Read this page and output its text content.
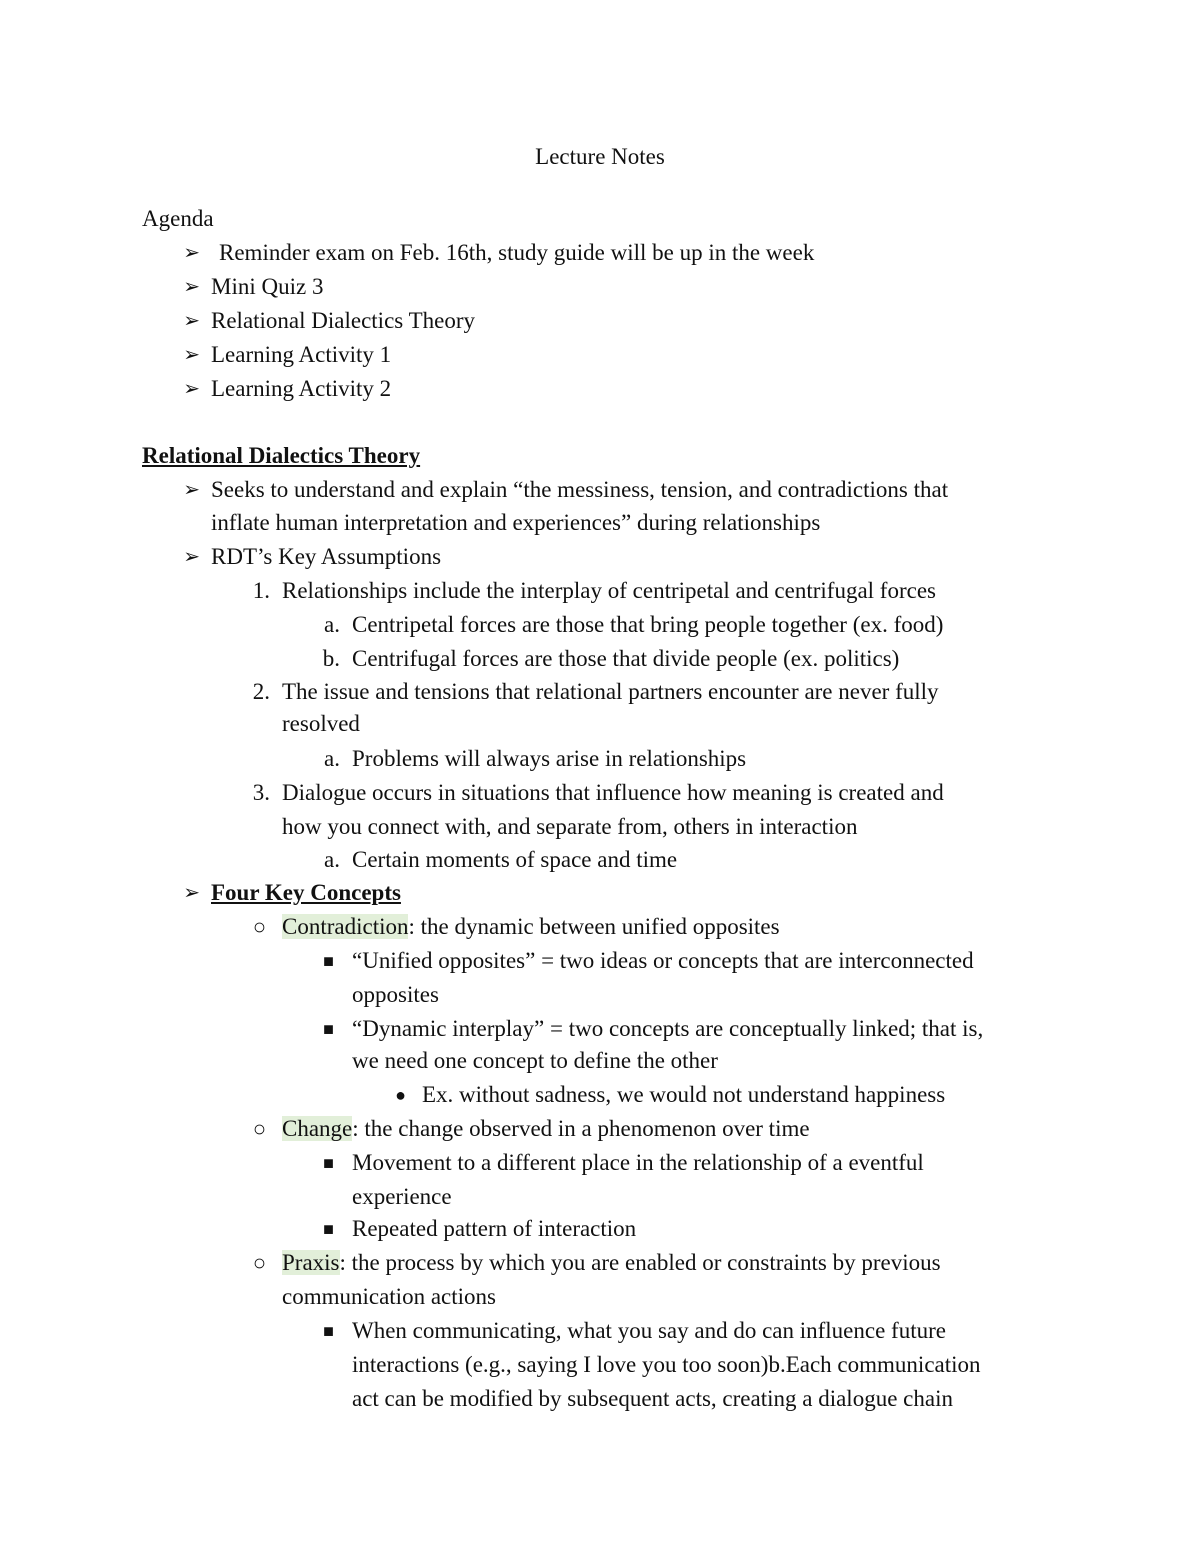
Lecture Notes
Agenda
➢ Reminder exam on Feb. 16th, study guide will be up in the week
➢ Mini Quiz 3
➢ Relational Dialectics Theory
➢ Learning Activity 1
➢ Learning Activity 2
Relational Dialectics Theory
➢ Seeks to understand and explain “the messiness, tension, and contradictions that
inflate human interpretation and experiences” during relationships
➢ RDT’s Key Assumptions
1. Relationships include the interplay of centripetal and centrifugal forces
a. Centripetal forces are those that bring people together (ex. food)
b. Centrifugal forces are those that divide people (ex. politics)
2. The issue and tensions that relational partners encounter are never fully
resolved
a. Problems will always arise in relationships
3. Dialogue occurs in situations that influence how meaning is created and
how you connect with, and separate from, others in interaction
a. Certain moments of space and time
➢ Four Key Concepts
○ Contradiction: the dynamic between unified opposites
■ “Unified opposites” = two ideas or concepts that are interconnected
opposites
■ “Dynamic interplay” = two concepts are conceptually linked; that is,
we need one concept to define the other
● Ex. without sadness, we would not understand happiness
○ Change: the change observed in a phenomenon over time
■ Movement to a different place in the relationship of a eventful
experience
■ Repeated pattern of interaction
○ Praxis: the process by which you are enabled or constraints by previous
communication actions
■ When communicating, what you say and do can influence future
interactions (e.g., saying I love you too soon)b.Each communication
act can be modified by subsequent acts, creating a dialogue chain
